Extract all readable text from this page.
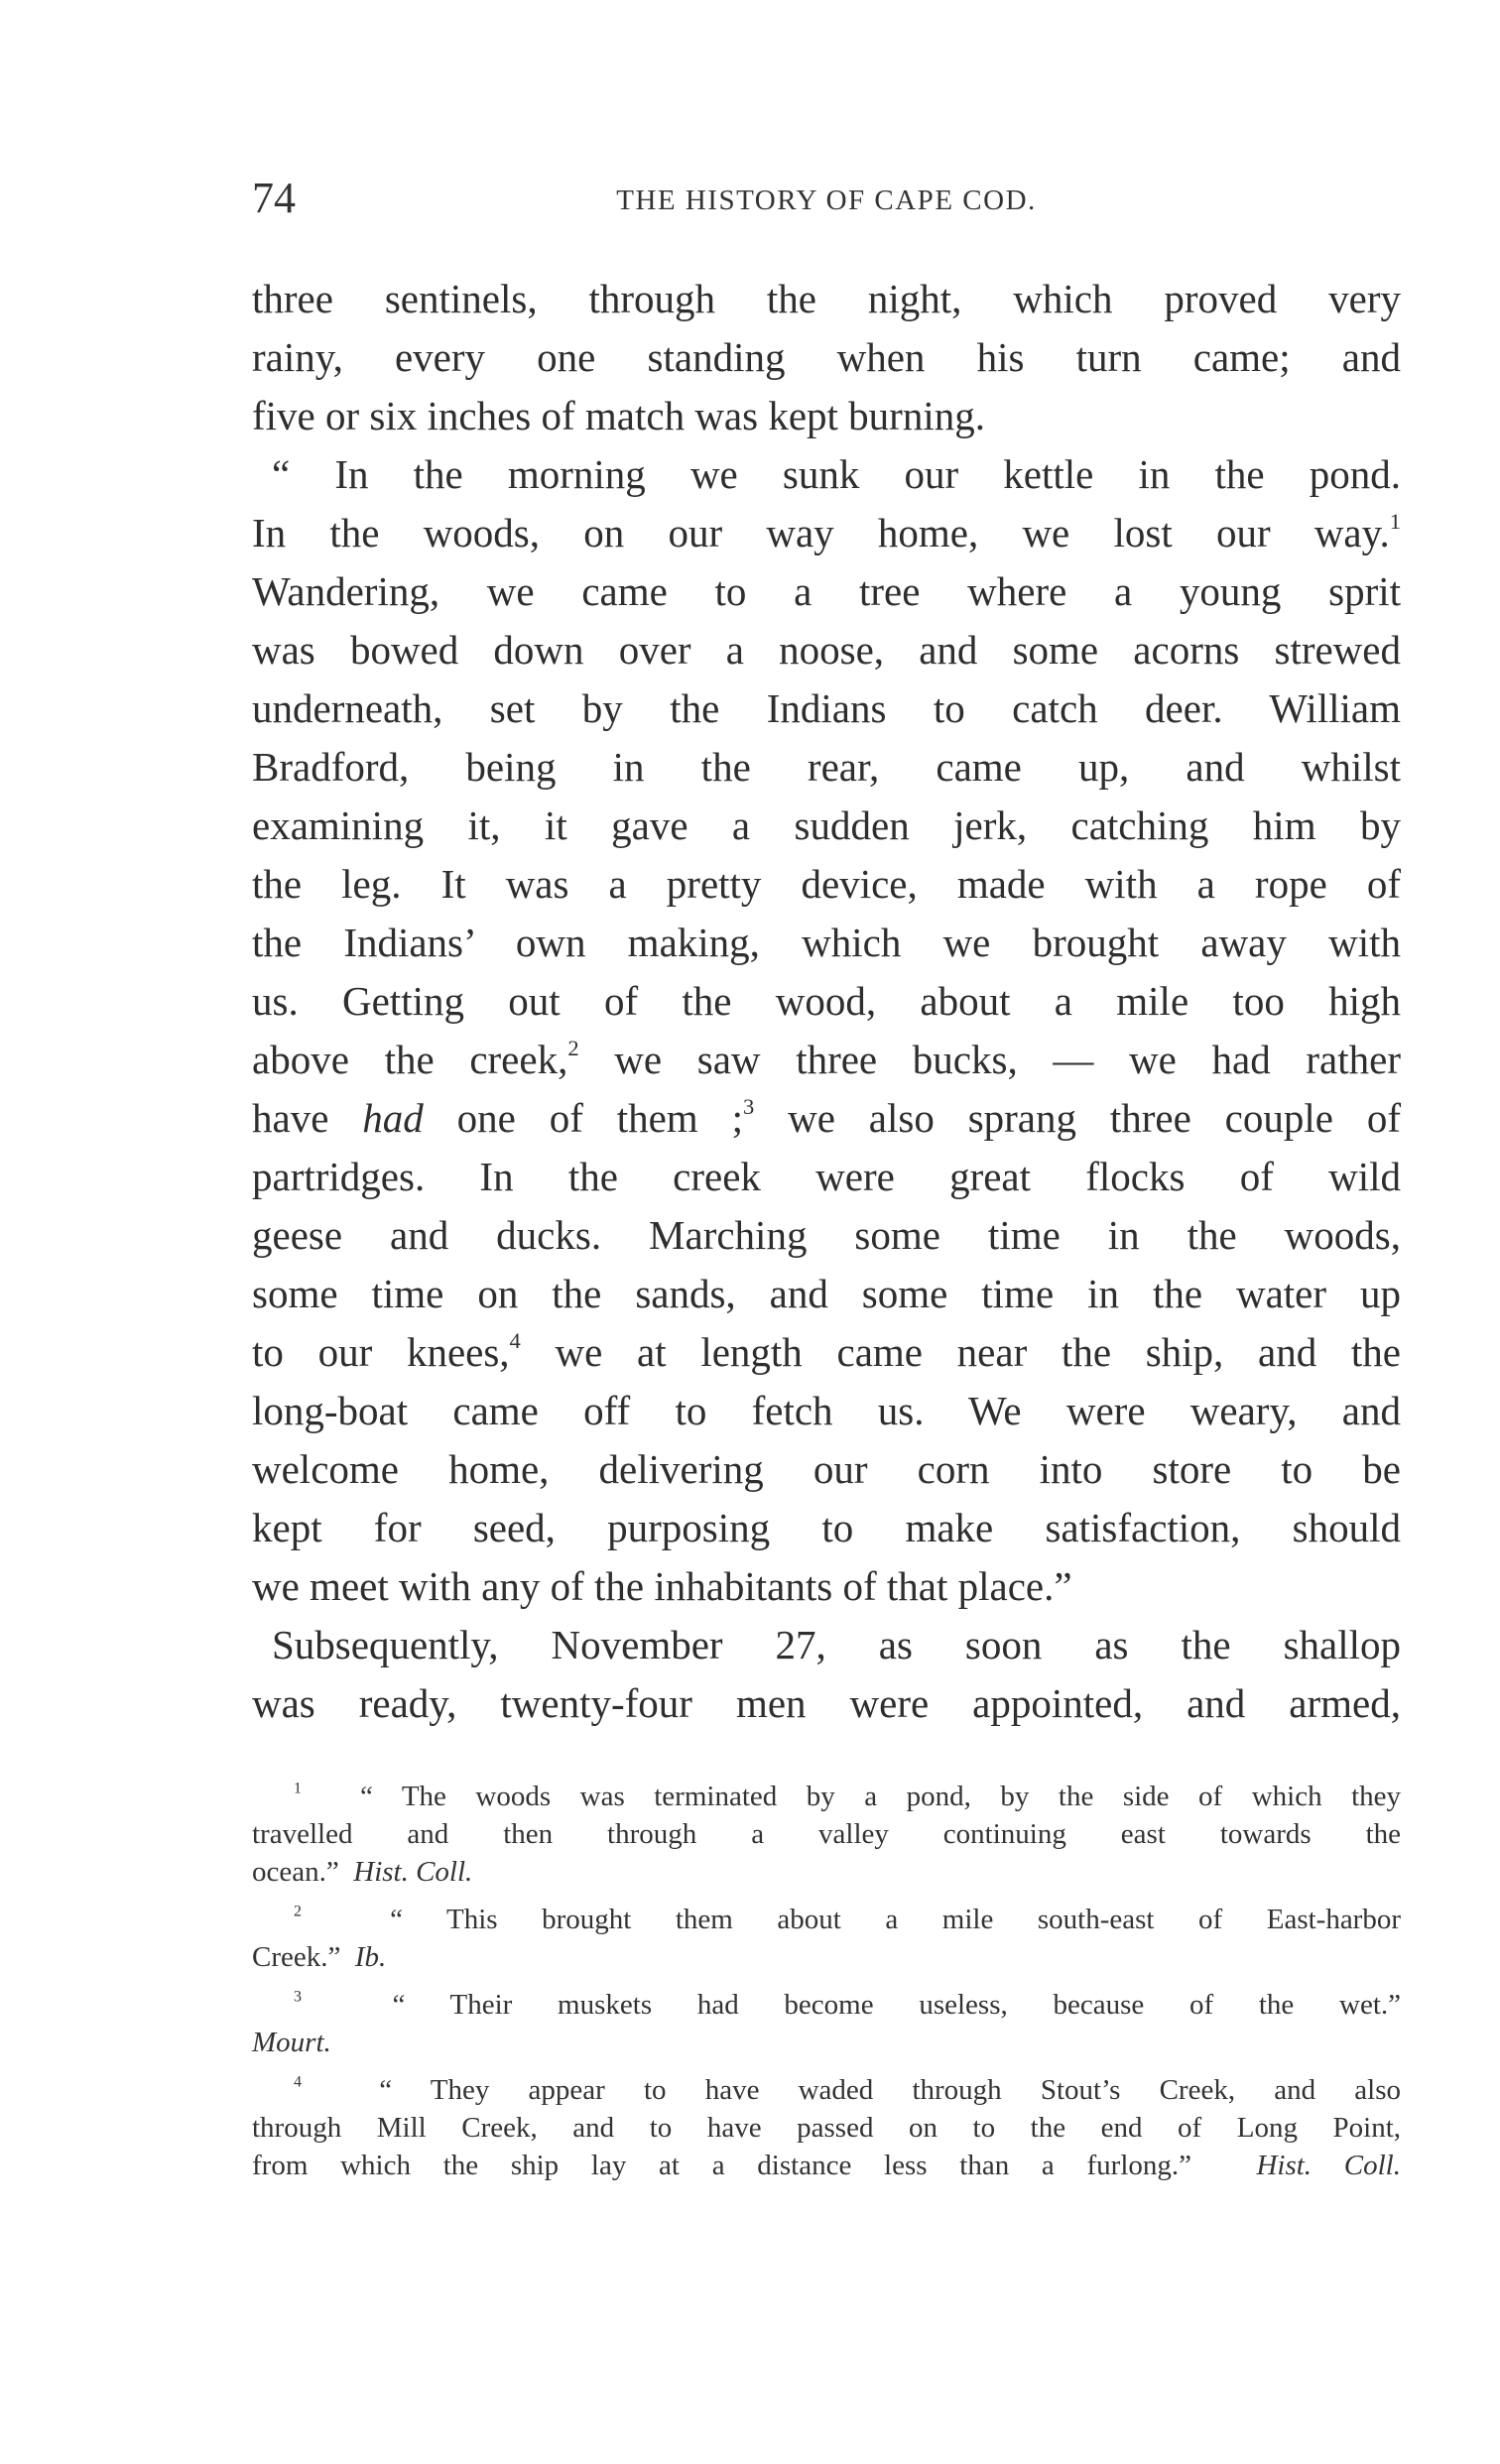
74	THE HISTORY OF CAPE COD.
three sentinels, through the night, which proved very
rainy, every one standing when his turn came; and
five or six inches of match was kept burning.
“ In the morning we sunk our kettle in the pond.
In the woods, on our way home, we lost our way.$^1$
Wandering, we came to a tree where a young sprit
was bowed down over a noose, and some acorns strewed
underneath, set by the Indians to catch deer. William
Bradford, being in the rear, came up, and whilst
examining it, it gave a sudden jerk, catching him by
the leg. It was a pretty device, made with a rope of
the Indians’ own making, which we brought away with
us. Getting out of the wood, about a mile too high
above the creek,$^2$ we saw three bucks, — we had rather
have had one of them ;$^3$ we also sprang three couple of
partridges. In the creek were great flocks of wild
geese and ducks. Marching some time in the woods,
some time on the sands, and some time in the water up
to our knees,$^4$ we at length came near the ship, and the
long-boat came off to fetch us. We were weary, and
welcome home, delivering our corn into store to be
kept for seed, purposing to make satisfaction, should
we meet with any of the inhabitants of that place.”
Subsequently, November 27, as soon as the shallop
was ready, twenty-four men were appointed, and armed,
$^1$ “ The woods was terminated by a pond, by the side of which they
travelled and then through a valley continuing east towards the
ocean.” Hist. Coll.
$^2$	“ This brought them about a mile south-east of East-harbor
Creek.” Ib.
$^3$	“ Their muskets had become useless, because of the wet.”
Mourt.
$^4$	“ They appear to have waded through Stout’s Creek, and also
through Mill Creek, and to have passed on to the end of Long Point,
from which the ship lay at a distance less than a furlong.” Hist. Coll.
